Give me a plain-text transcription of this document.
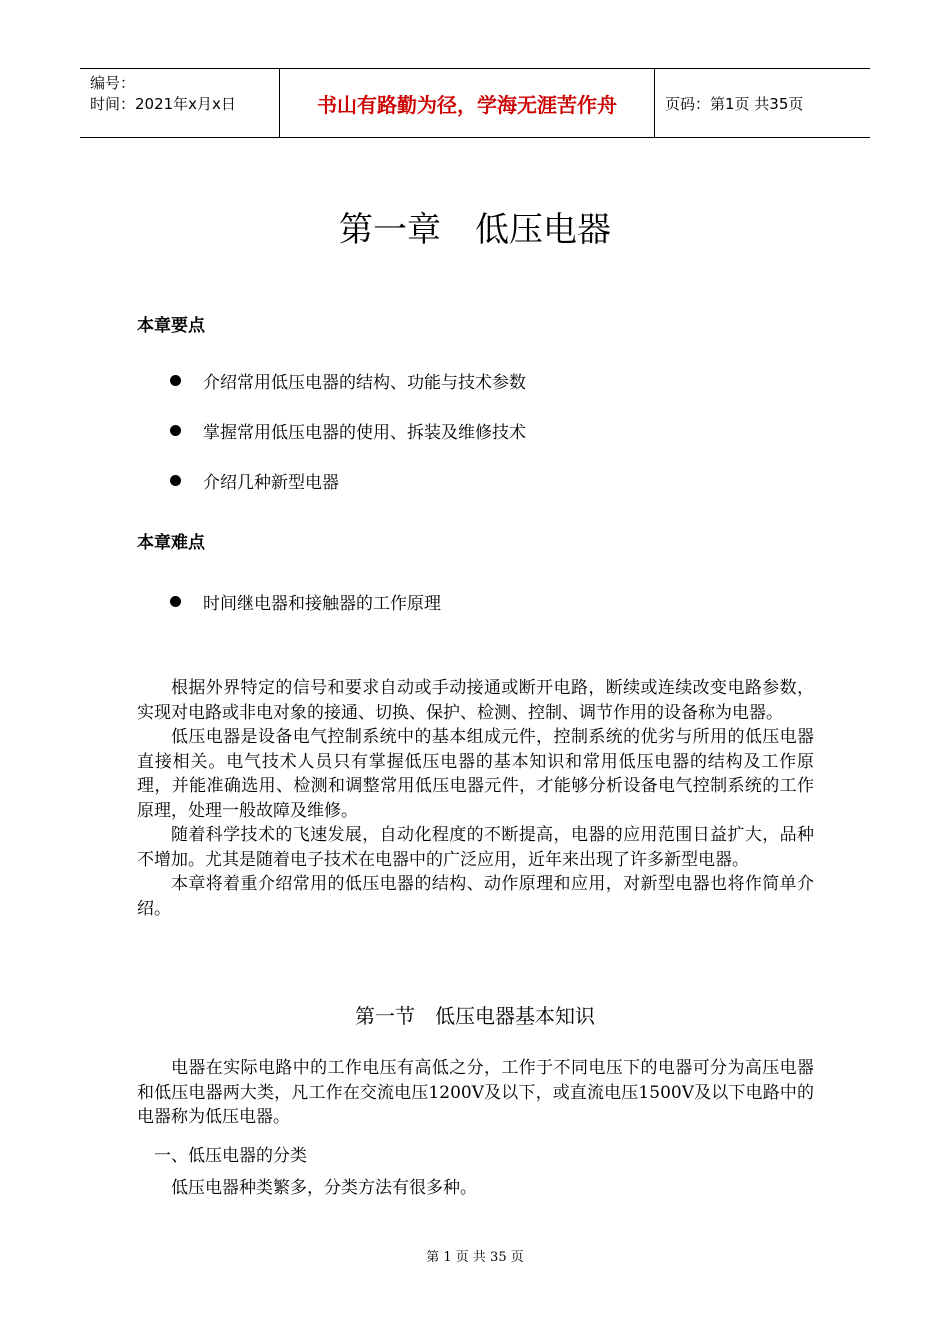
编号：
时间：2021年x月x日	书山有路勤为径，学海无涯苦作舟	页码：第1页 共35页
第一章　低压电器
本章要点
介绍常用低压电器的结构、功能与技术参数
掌握常用低压电器的使用、拆装及维修技术
介绍几种新型电器
本章难点
时间继电器和接触器的工作原理

根据外界特定的信号和要求自动或手动接通或断开电路，断续或连续改变电路参数，实现对电路或非电对象的接通、切换、保护、检测、控制、调节作用的设备称为电器。

低压电器是设备电气控制系统中的基本组成元件，控制系统的优劣与所用的低压电器直接相关。电气技术人员只有掌握低压电器的基本知识和常用低压电器的结构及工作原理，并能准确选用、检测和调整常用低压电器元件，才能够分析设备电气控制系统的工作原理，处理一般故障及维修。

随着科学技术的飞速发展，自动化程度的不断提高，电器的应用范围日益扩大，品种不增加。尤其是随着电子技术在电器中的广泛应用，近年来出现了许多新型电器。

本章将着重介绍常用的低压电器的结构、动作原理和应用，对新型电器也将作简单介绍。

第一节　低压电器基本知识

电器在实际电路中的工作电压有高低之分，工作于不同电压下的电器可分为高压电器和低压电器两大类，凡工作在交流电压1200V及以下，或直流电压1500V及以下电路中的电器称为低压电器。

一、低压电器的分类

低压电器种类繁多，分类方法有很多种。

第 1 页 共 35 页
